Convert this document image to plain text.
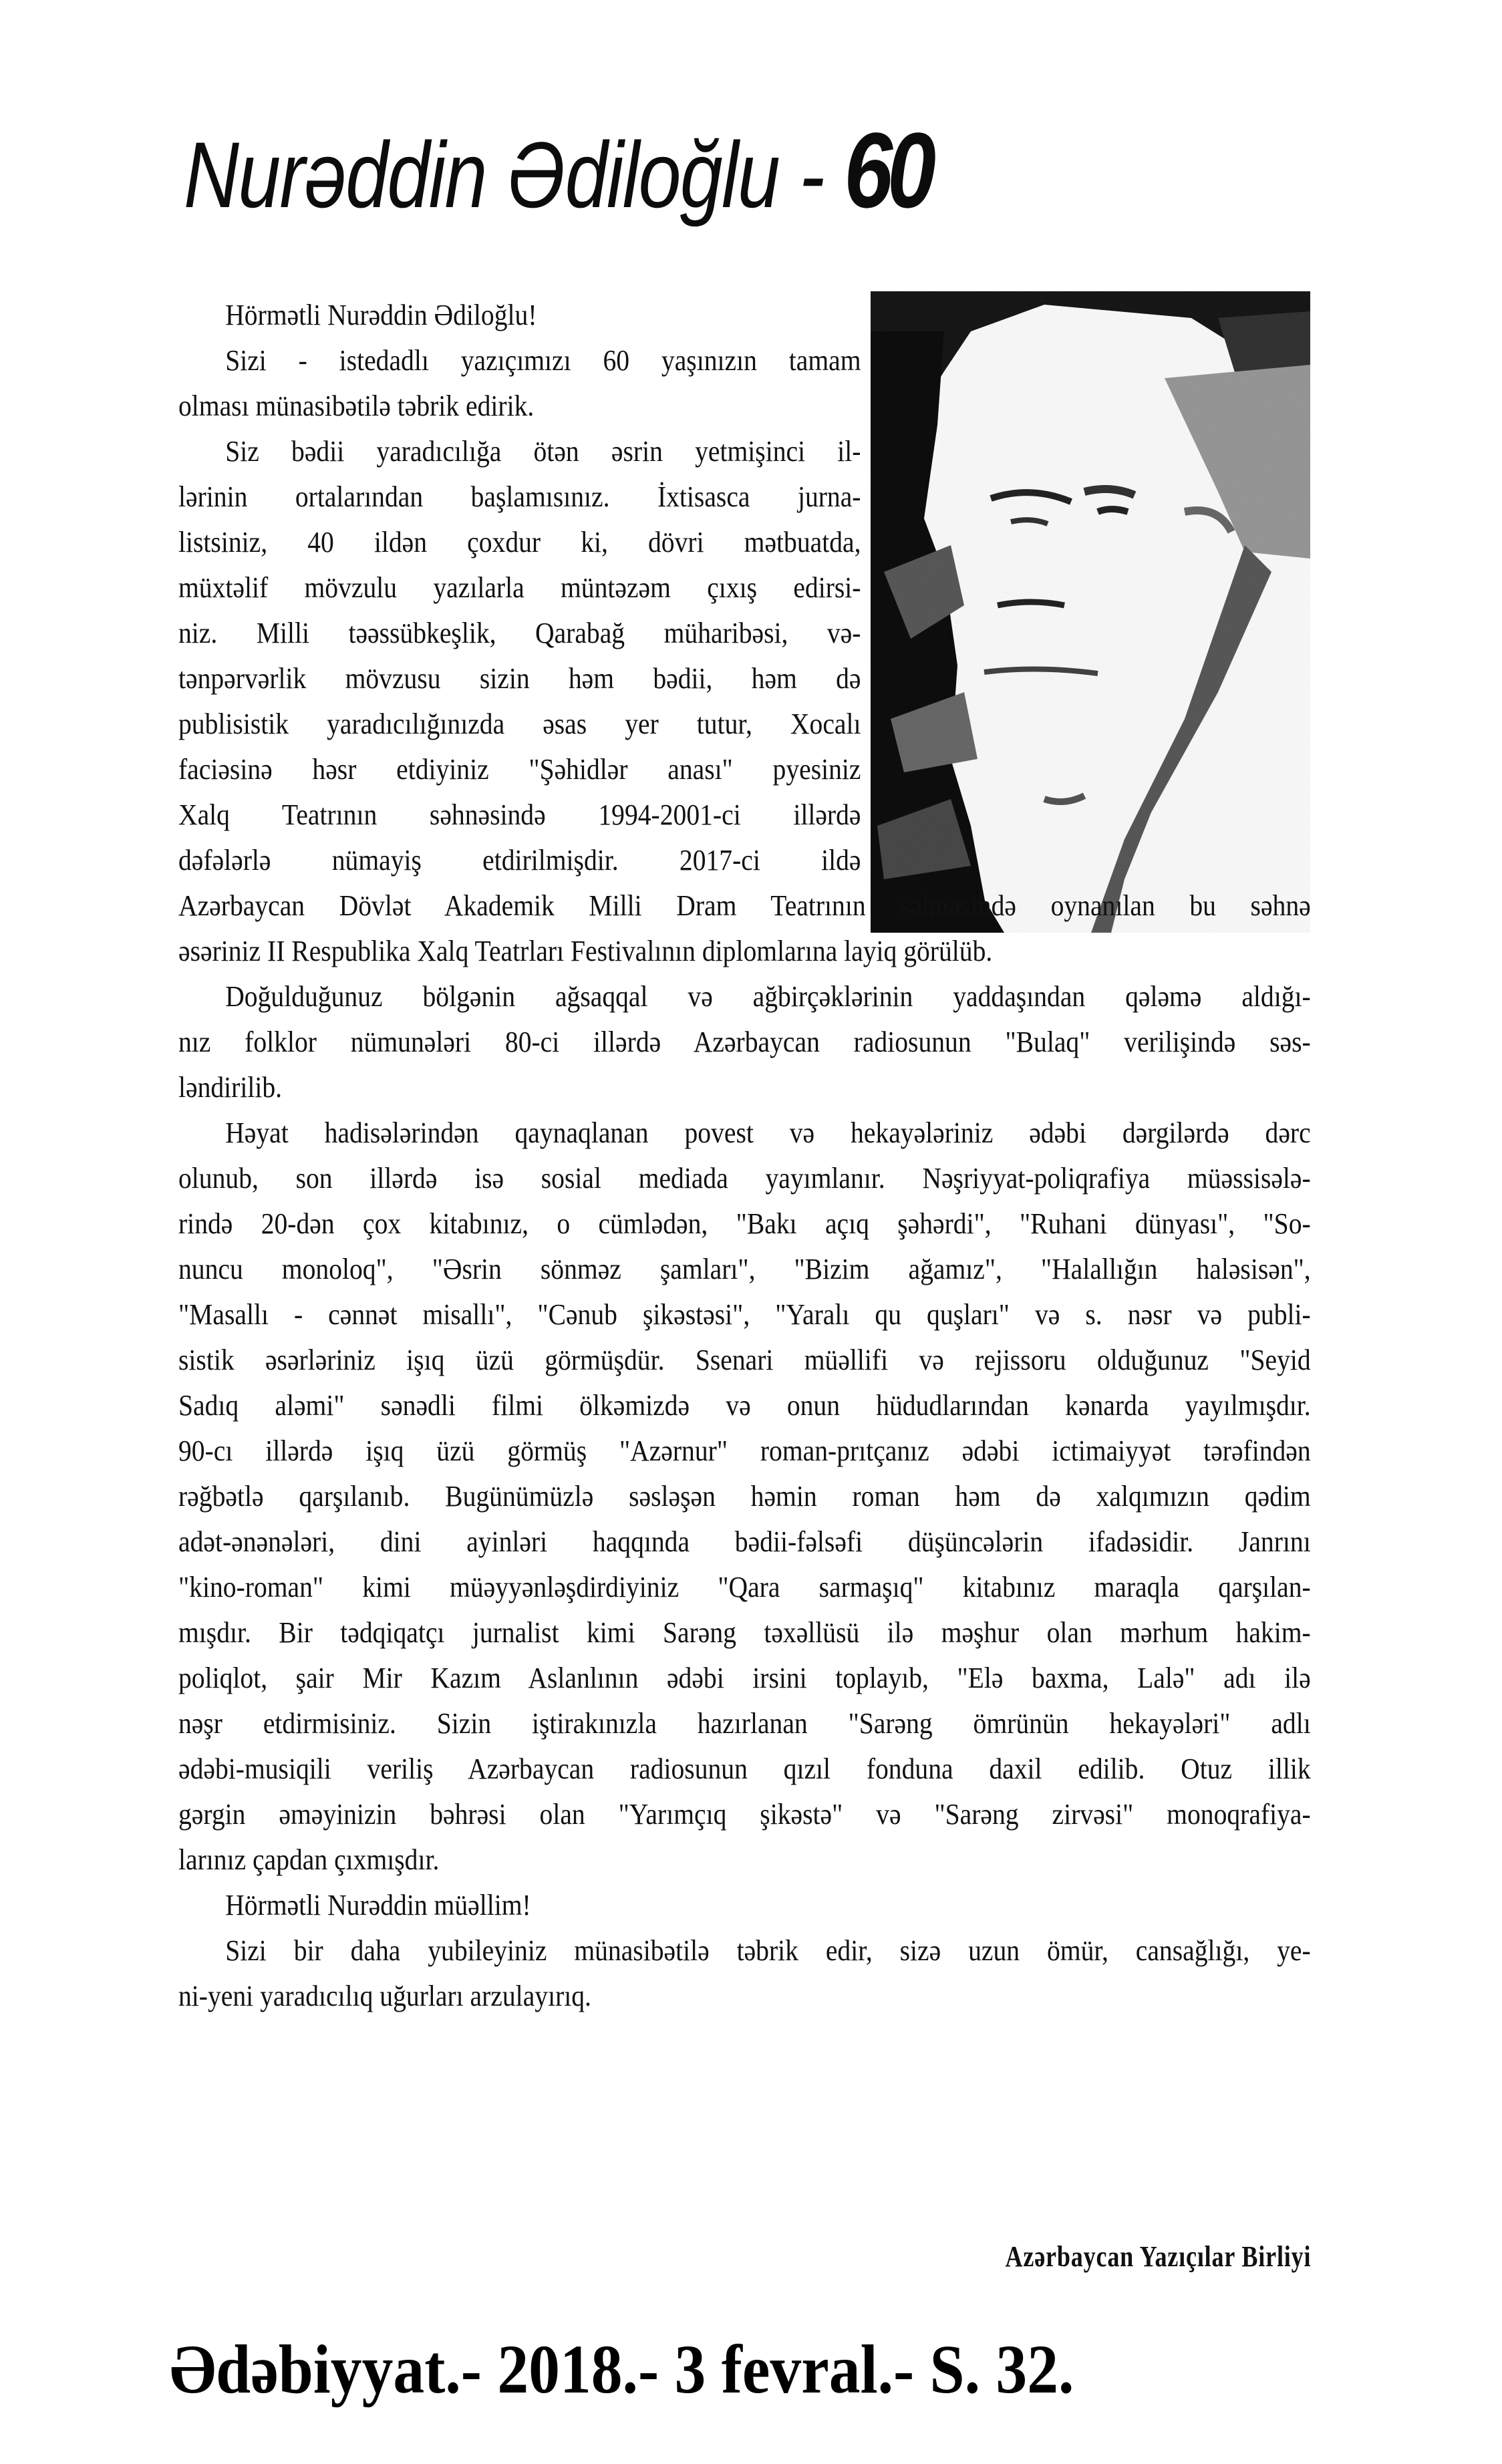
Nurəddin Ədiloğlu - 60
Hörmətli Nurəddin Ədiloğlu!
Sizi - istedadlı yazıçımızı 60 yaşınızın tamam
olması münasibətilə təbrik edirik.
Siz bədii yaradıcılığa ötən əsrin yetmişinci il-
lərinin ortalarından başlamısınız. İxtisasca jurna-
listsiniz, 40 ildən çoxdur ki, dövri mətbuatda,
müxtəlif mövzulu yazılarla müntəzəm çıxış edirsi-
niz. Milli təəssübkeşlik, Qarabağ müharibəsi, və-
tənpərvərlik mövzusu sizin həm bədii, həm də
publisistik yaradıcılığınızda əsas yer tutur, Xocalı
faciəsinə həsr etdiyiniz "Şəhidlər anası" pyesiniz
Xalq Teatrının səhnəsində 1994-2001-ci illərdə
dəfələrlə nümayiş etdirilmişdir. 2017-ci ildə
Azərbaycan Dövlət Akademik Milli Dram Teatrının səhnəsində oynanılan bu səhnə
əsəriniz II Respublika Xalq Teatrları Festivalının diplomlarına layiq görülüb.
Doğulduğunuz bölgənin ağsaqqal və ağbirçəklərinin yaddaşından qələmə aldığı-
nız folklor nümunələri 80-ci illərdə Azərbaycan radiosunun "Bulaq" verilişində səs-
ləndirilib.
Həyat hadisələrindən qaynaqlanan povest və hekayələriniz ədəbi dərgilərdə dərc
olunub, son illərdə isə sosial mediada yayımlanır. Nəşriyyat-poliqrafiya müəssisələ-
rində 20-dən çox kitabınız, o cümlədən, "Bakı açıq şəhərdi", "Ruhani dünyası", "So-
nuncu monoloq", "Əsrin sönməz şamları", "Bizim ağamız", "Halallığın haləsisən",
"Masallı - cənnət misallı", "Cənub şikəstəsi", "Yaralı qu quşları" və s. nəsr və publi-
sistik əsərləriniz işıq üzü görmüşdür. Ssenari müəllifi və rejissoru olduğunuz "Seyid
Sadıq aləmi" sənədli filmi ölkəmizdə və onun hüdudlarından kənarda yayılmışdır.
90-cı illərdə işıq üzü görmüş "Azərnur" roman-prıtçanız ədəbi ictimaiyyət tərəfindən
rəğbətlə qarşılanıb. Bugünümüzlə səsləşən həmin roman həm də xalqımızın qədim
adət-ənənələri, dini ayinləri haqqında bədii-fəlsəfi düşüncələrin ifadəsidir. Janrını
"kino-roman" kimi müəyyənləşdirdiyiniz "Qara sarmaşıq" kitabınız maraqla qarşılan-
mışdır. Bir tədqiqatçı jurnalist kimi Sarəng təxəllüsü ilə məşhur olan mərhum hakim-
poliqlot, şair Mir Kazım Aslanlının ədəbi irsini toplayıb, "Elə baxma, Lalə" adı ilə
nəşr etdirmisiniz. Sizin iştirakınızla hazırlanan "Sarəng ömrünün hekayələri" adlı
ədəbi-musiqili veriliş Azərbaycan radiosunun qızıl fonduna daxil edilib. Otuz illik
gərgin əməyinizin bəhrəsi olan "Yarımçıq şikəstə" və "Sarəng zirvəsi" monoqrafiya-
larınız çapdan çıxmışdır.
Hörmətli Nurəddin müəllim!
Sizi bir daha yubileyiniz münasibətilə təbrik edir, sizə uzun ömür, cansağlığı, ye-
ni-yeni yaradıcılıq uğurları arzulayırıq.
Azərbaycan Yazıçılar Birliyi
Ədəbiyyat.- 2018.- 3 fevral.- S. 32.
